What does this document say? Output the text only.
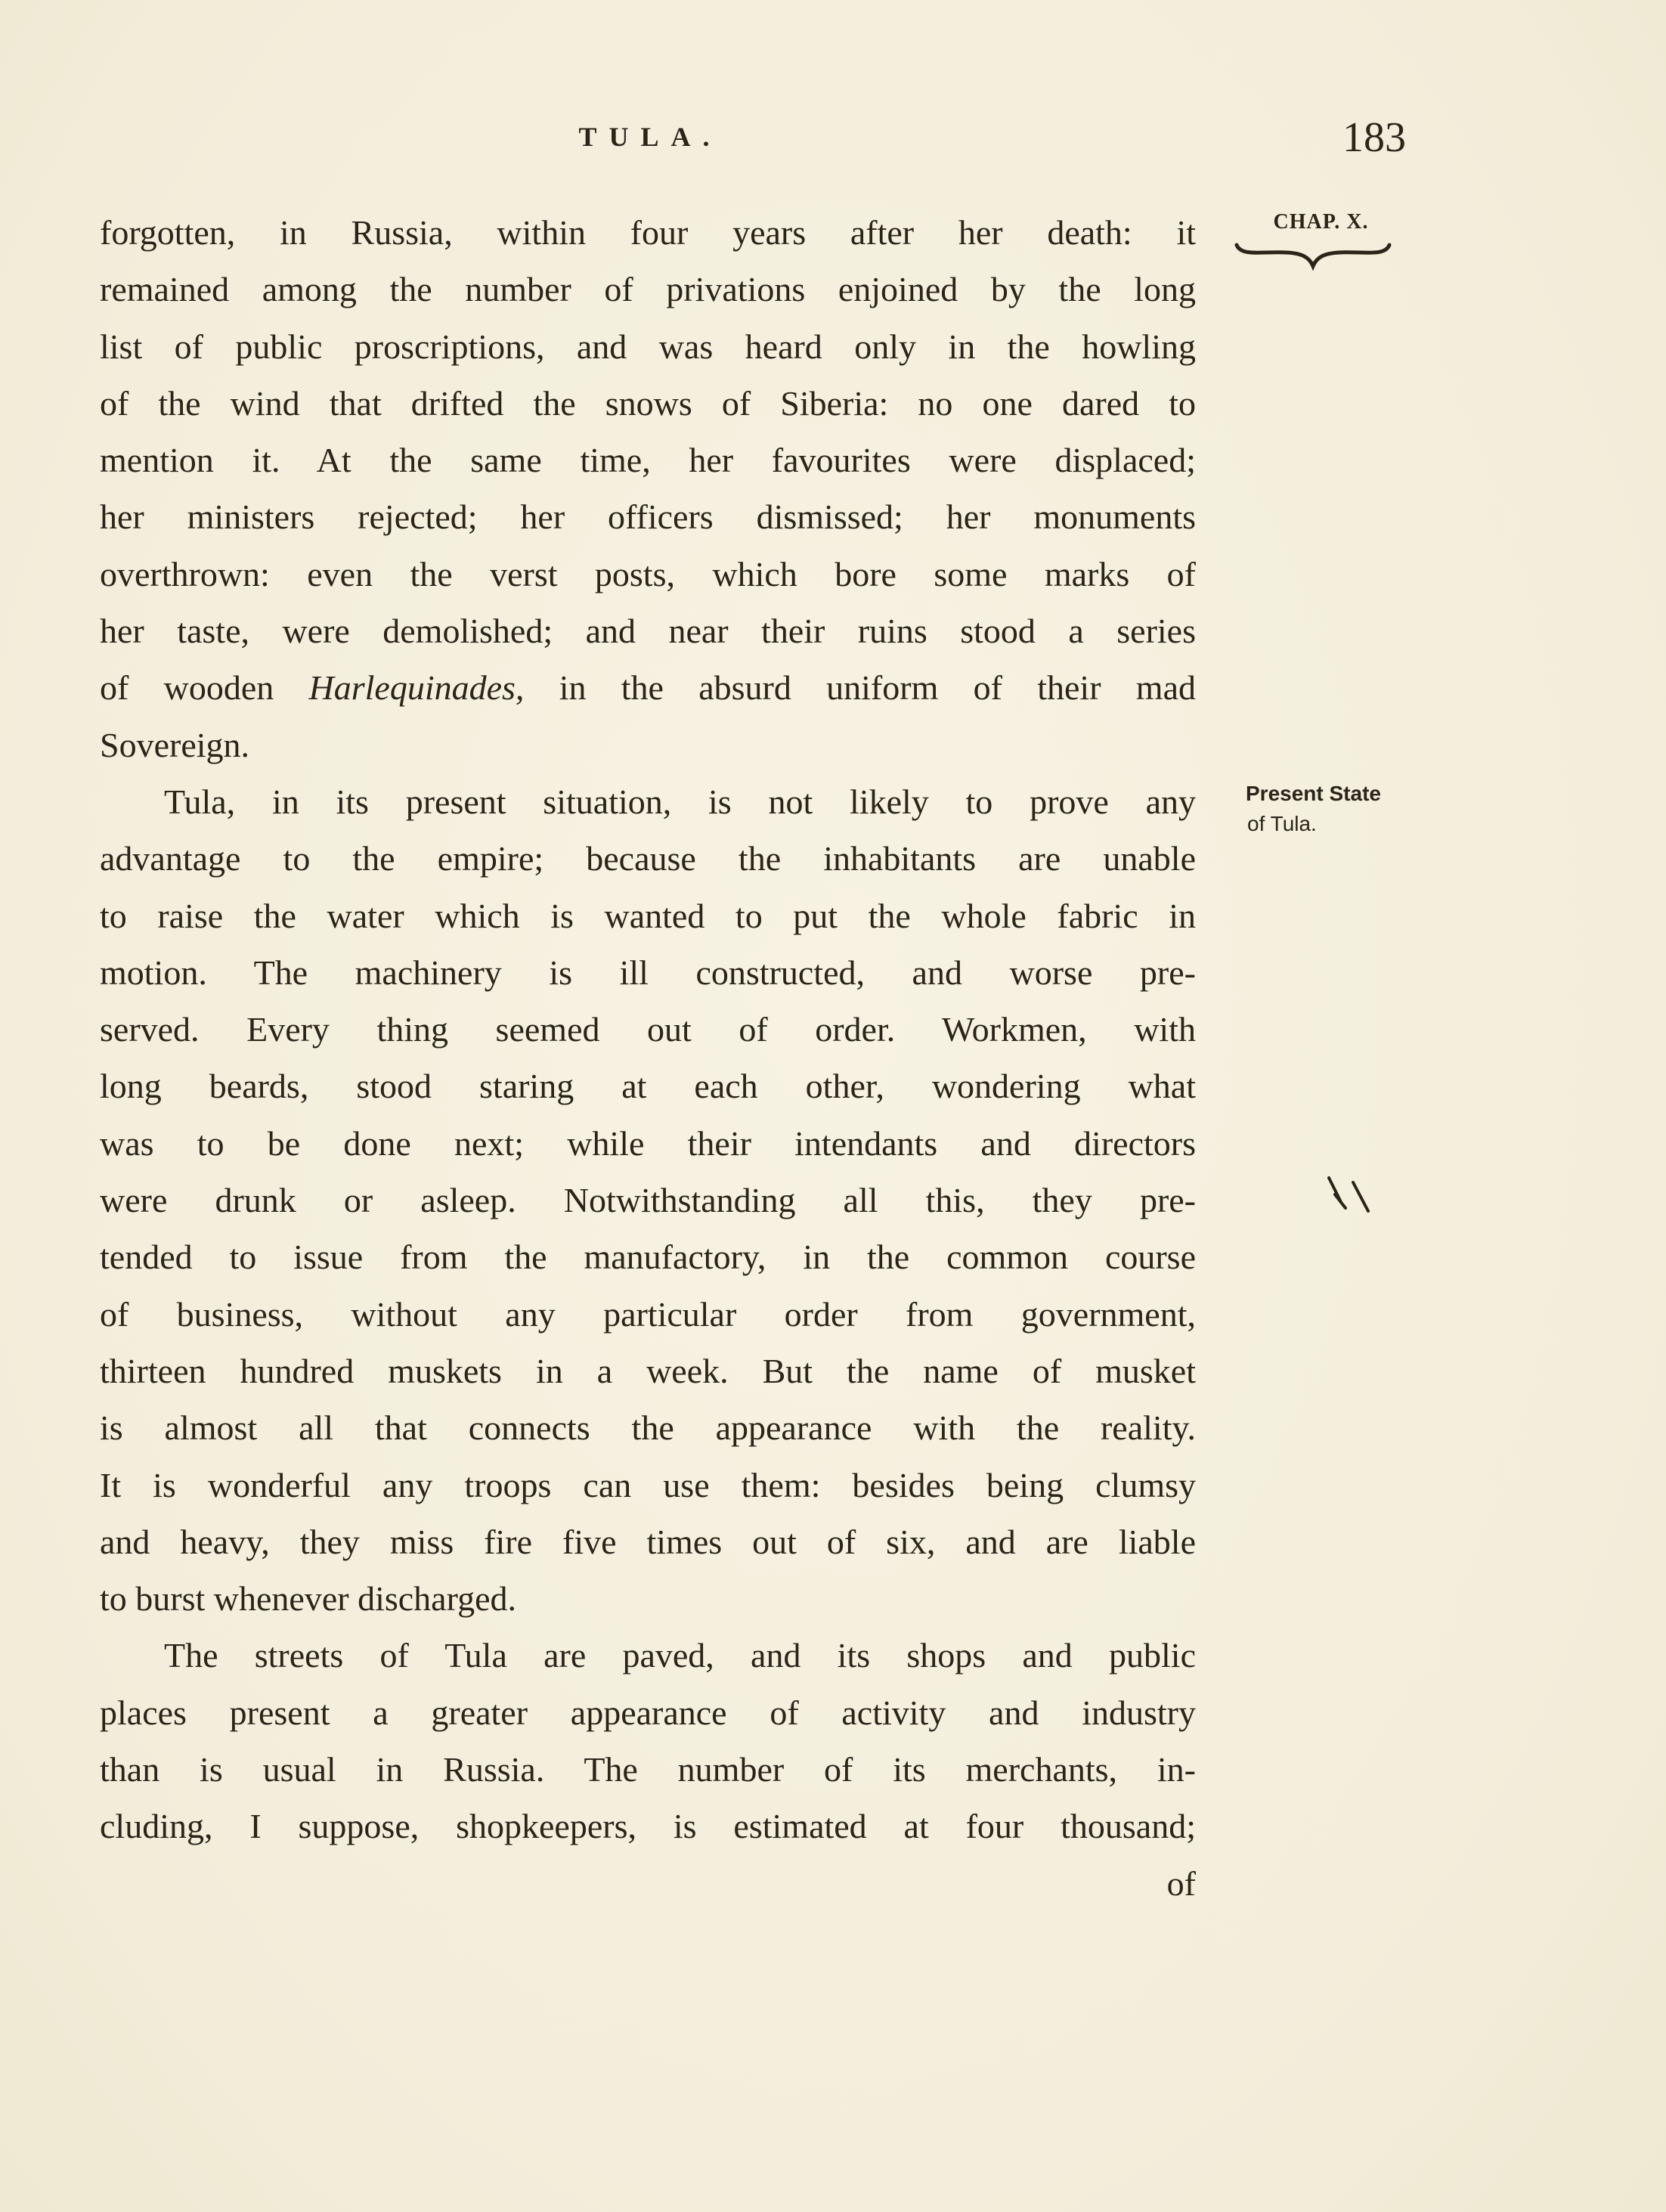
TULA.	183
CHAP. X.
Present State
of Tula.
forgotten, in Russia, within four years after her death: it
remained among the number of privations enjoined by the long
list of public proscriptions, and was heard only in the howling
of the wind that drifted the snows of Siberia: no one dared to
mention it. At the same time, her favourites were displaced;
her ministers rejected; her officers dismissed; her monuments
overthrown: even the verst posts, which bore some marks of
her taste, were demolished; and near their ruins stood a series
of wooden Harlequinades, in the absurd uniform of their mad
Sovereign.
Tula, in its present situation, is not likely to prove any
advantage to the empire; because the inhabitants are unable
to raise the water which is wanted to put the whole fabric in
motion. The machinery is ill constructed, and worse pre-
served. Every thing seemed out of order. Workmen, with
long beards, stood staring at each other, wondering what
was to be done next; while their intendants and directors
were drunk or asleep. Notwithstanding all this, they pre-
tended to issue from the manufactory, in the common course
of business, without any particular order from government,
thirteen hundred muskets in a week. But the name of musket
is almost all that connects the appearance with the reality.
It is wonderful any troops can use them: besides being clumsy
and heavy, they miss fire five times out of six, and are liable
to burst whenever discharged.
The streets of Tula are paved, and its shops and public
places present a greater appearance of activity and industry
than is usual in Russia. The number of its merchants, in-
cluding, I suppose, shopkeepers, is estimated at four thousand;
of
